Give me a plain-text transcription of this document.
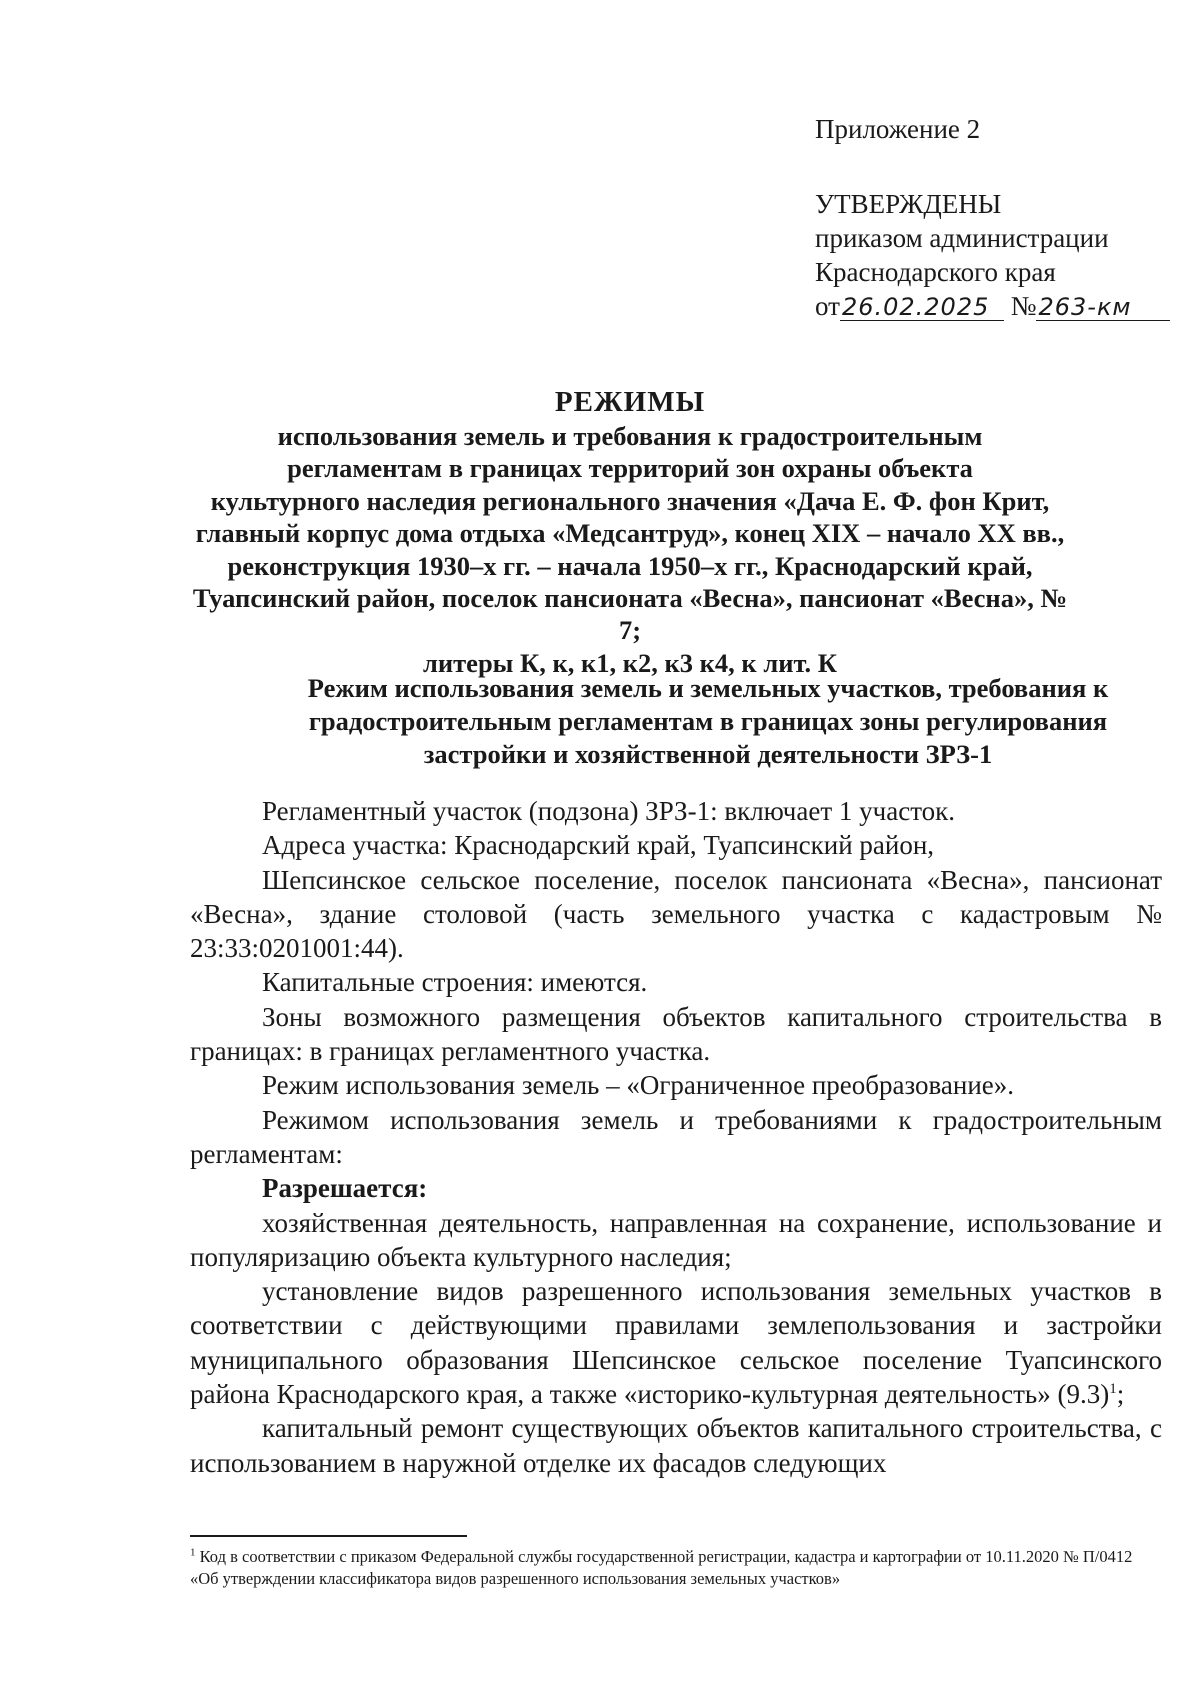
Приложение 2
УТВЕРЖДЕНЫ
приказом администрации
Краснодарского края
от26.02.2025 №263-км
РЕЖИМЫ
использования земель и требования к градостроительным
регламентам в границах территорий зон охраны объекта
культурного наследия регионального значения «Дача Е. Ф. фон Крит,
главный корпус дома отдыха «Медсантруд», конец XIX – начало XX вв.,
реконструкция 1930–х гг. – начала 1950–х гг., Краснодарский край,
Туапсинский район, поселок пансионата «Весна», пансионат «Весна», № 7;
литеры К, к, к1, к2, к3 к4, к лит. К
Режим использования земель и земельных участков, требования к
градостроительным регламентам в границах зоны регулирования
застройки и хозяйственной деятельности ЗРЗ-1

Регламентный участок (подзона) ЗРЗ-1: включает 1 участок.

Адреса участка: Краснодарский край, Туапсинский район,

Шепсинское сельское поселение, поселок пансионата «Весна», пансионат «Весна», здание столовой (часть земельного участка с кадастровым № 23:33:0201001:44).

Капитальные строения: имеются.

Зоны возможного размещения объектов капитального строительства в границах: в границах регламентного участка.

Режим использования земель – «Ограниченное преобразование».

Режимом использования земель и требованиями к градостроительным регламентам:

Разрешается:

хозяйственная деятельность, направленная на сохранение, использование и популяризацию объекта культурного наследия;

установление видов разрешенного использования земельных участков в соответствии с действующими правилами землепользования и застройки муниципального образования Шепсинское сельское поселение Туапсинского района Краснодарского края, а также «историко-культурная деятельность» $(9.3)^1$;

капитальный ремонт существующих объектов капитального строительства, с использованием в наружной отделке их фасадов следующих

$^1$ Код в соответствии с приказом Федеральной службы государственной регистрации, кадастра и картографии от 10.11.2020 № П/0412 «Об утверждении классификатора видов разрешенного использования земельных участков»
